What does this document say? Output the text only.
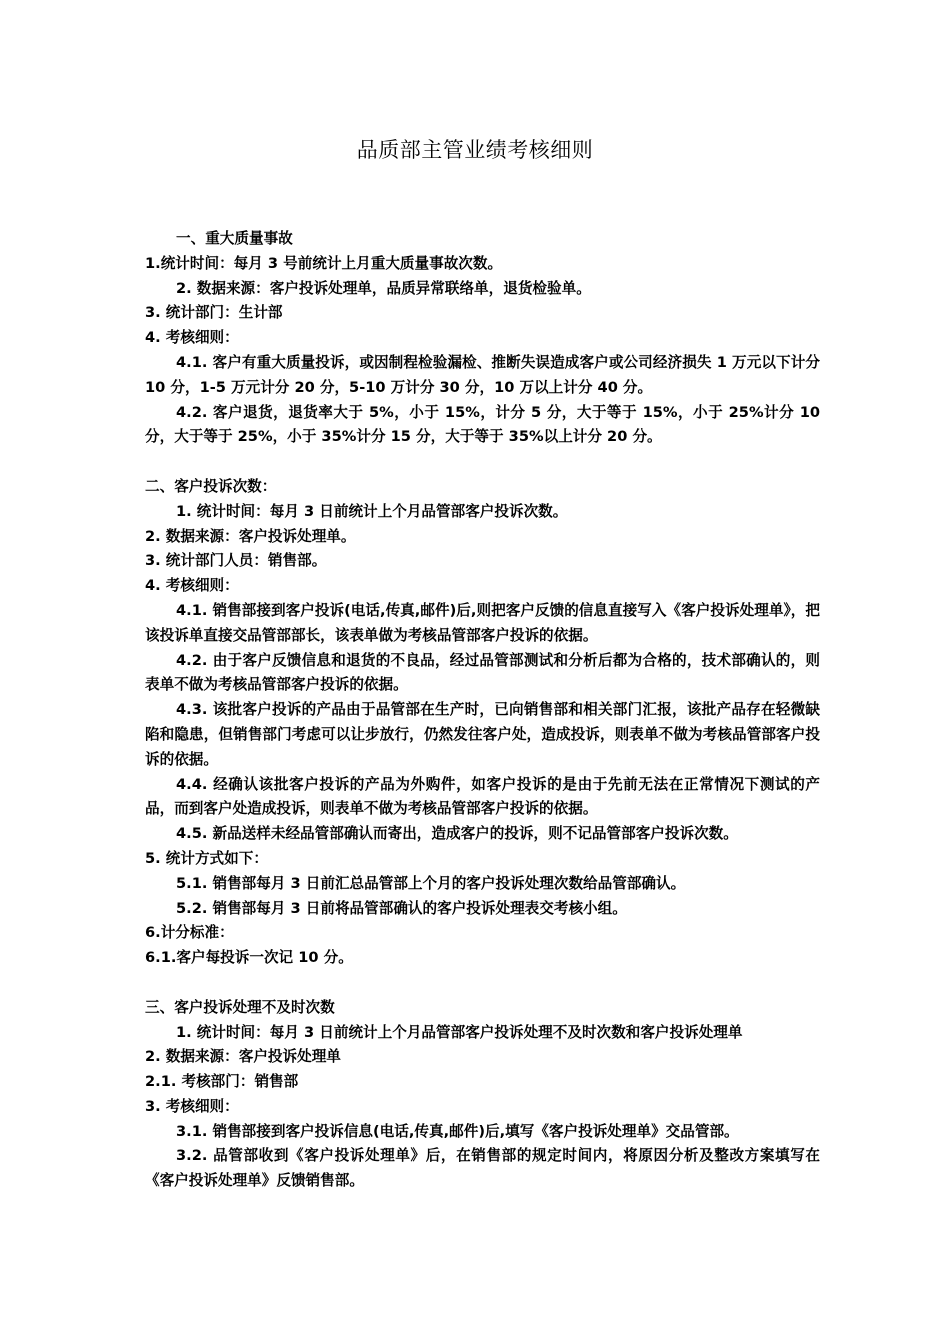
品质部主管业绩考核细则

一、重大质量事故

1.统计时间：每月 3 号前统计上月重大质量事故次数。

2. 数据来源：客户投诉处理单，品质异常联络单，退货检验单。

3. 统计部门：生计部

4. 考核细则：

4.1. 客户有重大质量投诉，或因制程检验漏检、推断失误造成客户或公司经济损失 1 万元以下计分 10 分，1-5 万元计分 20 分，5-10 万计分 30 分，10 万以上计分 40 分。

4.2. 客户退货，退货率大于 5%，小于 15%，计分 5 分，大于等于 15%，小于 25%计分 10 分，大于等于 25%，小于 35%计分 15 分，大于等于 35%以上计分 20 分。

二、客户投诉次数：

1. 统计时间：每月 3 日前统计上个月品管部客户投诉次数。

2. 数据来源：客户投诉处理单。

3. 统计部门人员：销售部。

4. 考核细则：

4.1. 销售部接到客户投诉(电话,传真,邮件)后,则把客户反馈的信息直接写入《客户投诉处理单》，把该投诉单直接交品管部部长，该表单做为考核品管部客户投诉的依据。

4.2. 由于客户反馈信息和退货的不良品，经过品管部测试和分析后都为合格的，技术部确认的，则表单不做为考核品管部客户投诉的依据。

4.3. 该批客户投诉的产品由于品管部在生产时，已向销售部和相关部门汇报，该批产品存在轻微缺陷和隐患，但销售部门考虑可以让步放行，仍然发往客户处，造成投诉，则表单不做为考核品管部客户投诉的依据。

4.4. 经确认该批客户投诉的产品为外购件，如客户投诉的是由于先前无法在正常情况下测试的产品，而到客户处造成投诉，则表单不做为考核品管部客户投诉的依据。

4.5. 新品送样未经品管部确认而寄出，造成客户的投诉，则不记品管部客户投诉次数。

5. 统计方式如下：

5.1. 销售部每月 3 日前汇总品管部上个月的客户投诉处理次数给品管部确认。

5.2. 销售部每月 3 日前将品管部确认的客户投诉处理表交考核小组。

6.计分标准：

6.1.客户每投诉一次记 10 分。

三、客户投诉处理不及时次数

1. 统计时间：每月 3 日前统计上个月品管部客户投诉处理不及时次数和客户投诉处理单

2. 数据来源：客户投诉处理单

2.1. 考核部门：销售部

3. 考核细则：

3.1. 销售部接到客户投诉信息(电话,传真,邮件)后,填写《客户投诉处理单》交品管部。

3.2. 品管部收到《客户投诉处理单》后，在销售部的规定时间内，将原因分析及整改方案填写在《客户投诉处理单》反馈销售部。
